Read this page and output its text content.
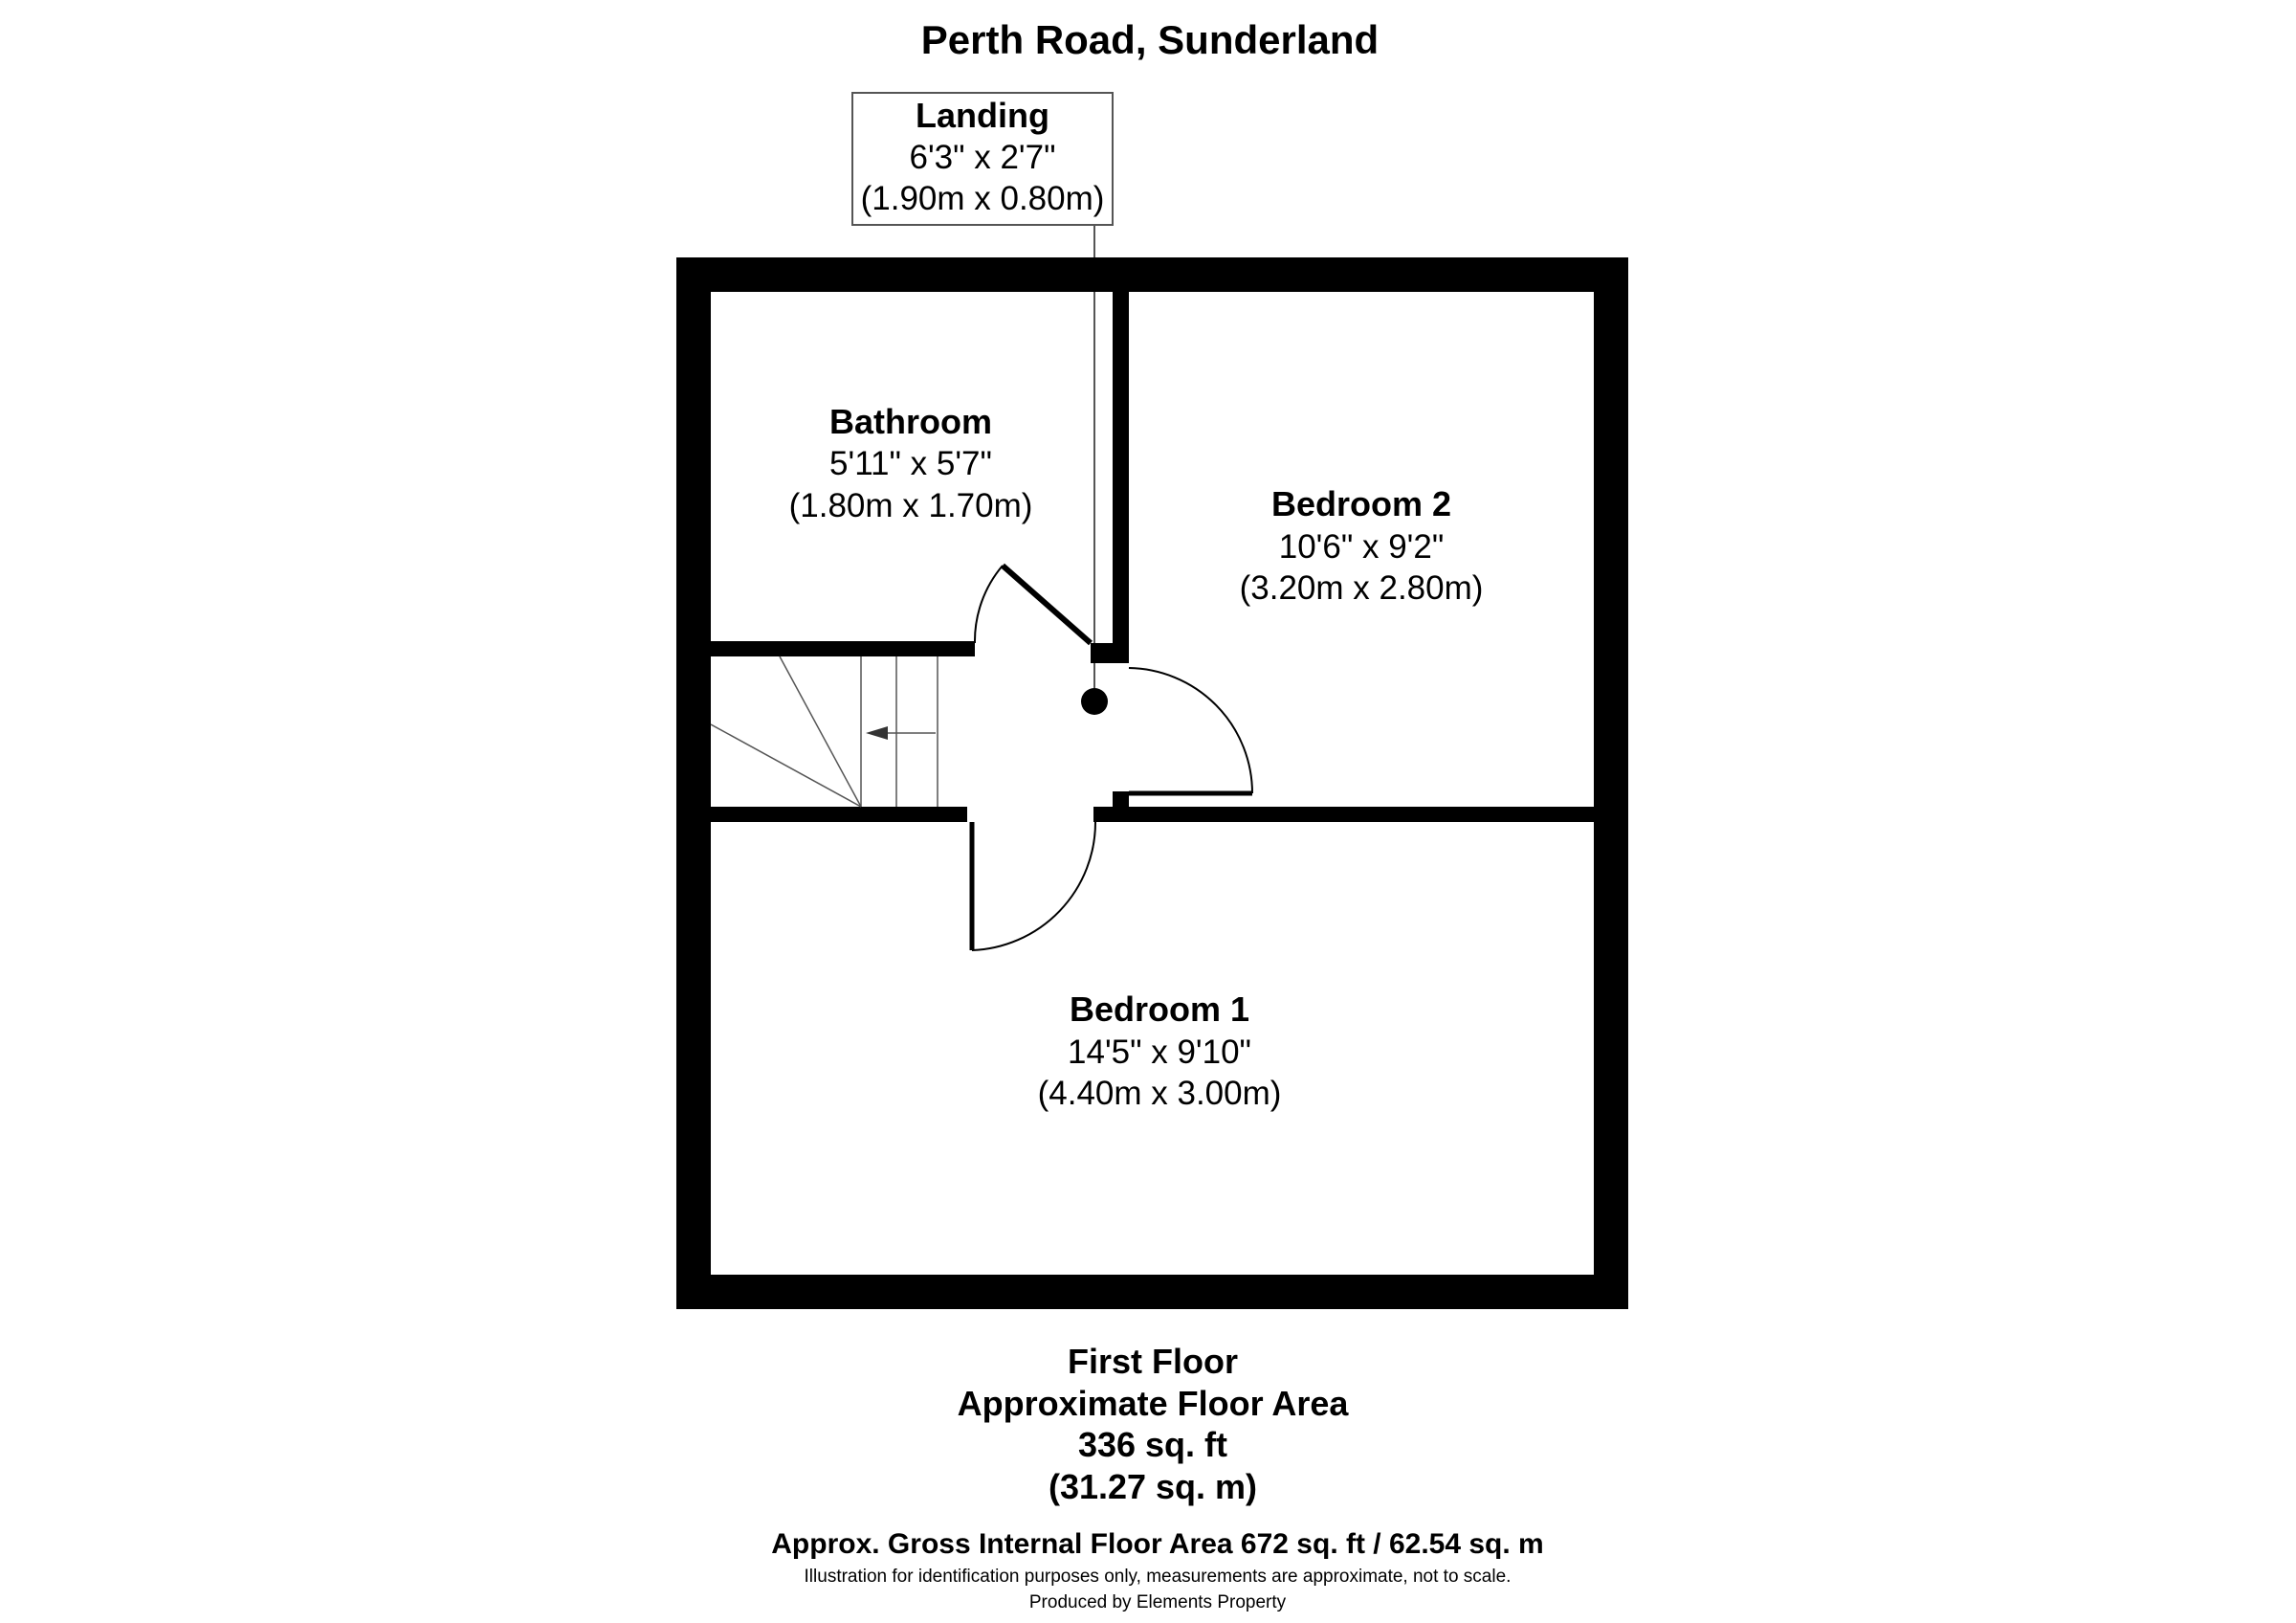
Perth Road, Sunderland
Landing
6'3" x 2'7"
(1.90m x 0.80m)
Bathroom
5'11" x 5'7"
(1.80m x 1.70m)	Bedroom 2
10'6" x 9'2"
(3.20m x 2.80m)
Bedroom 1
14'5" x 9'10"
(4.40m x 3.00m)
First Floor
Approximate Floor Area
336 sq. ft
(31.27 sq. m)
Approx. Gross Internal Floor Area 672 sq. ft / 62.54 sq. m
Illustration for identification purposes only, measurements are approximate, not to scale.
Produced by Elements Property
